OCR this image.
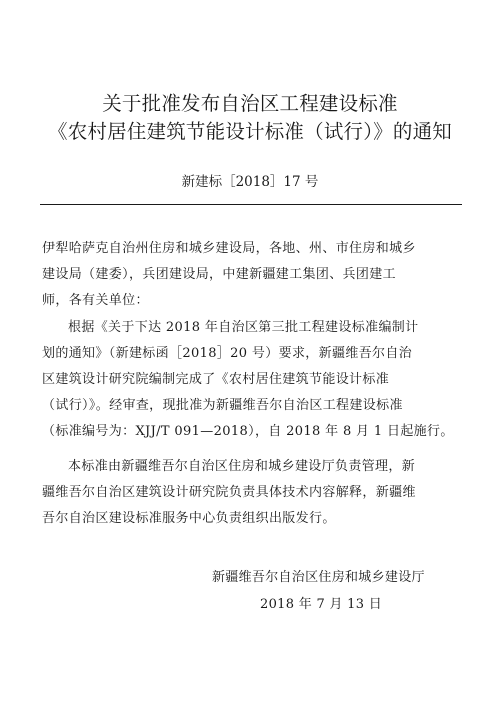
关于批准发布自治区工程建设标准
《农村居住建筑节能设计标准（试行）》的通知
新建标［2018］17 号
伊犁哈萨克自治州住房和城乡建设局，各地、州、市住房和城乡
建设局（建委），兵团建设局，中建新疆建工集团、兵团建工
师，各有关单位：
根据《关于下达 2018 年自治区第三批工程建设标准编制计
划的通知》（新建标函［2018］20 号）要求，新疆维吾尔自治
区建筑设计研究院编制完成了《农村居住建筑节能设计标准
（试行）》。经审查，现批准为新疆维吾尔自治区工程建设标准
（标准编号为：XJJ/T 091—2018），自 2018 年 8 月 1 日起施行。
本标准由新疆维吾尔自治区住房和城乡建设厅负责管理，新
疆维吾尔自治区建筑设计研究院负责具体技术内容解释，新疆维
吾尔自治区建设标准服务中心负责组织出版发行。
新疆维吾尔自治区住房和城乡建设厅
2018 年 7 月 13 日
